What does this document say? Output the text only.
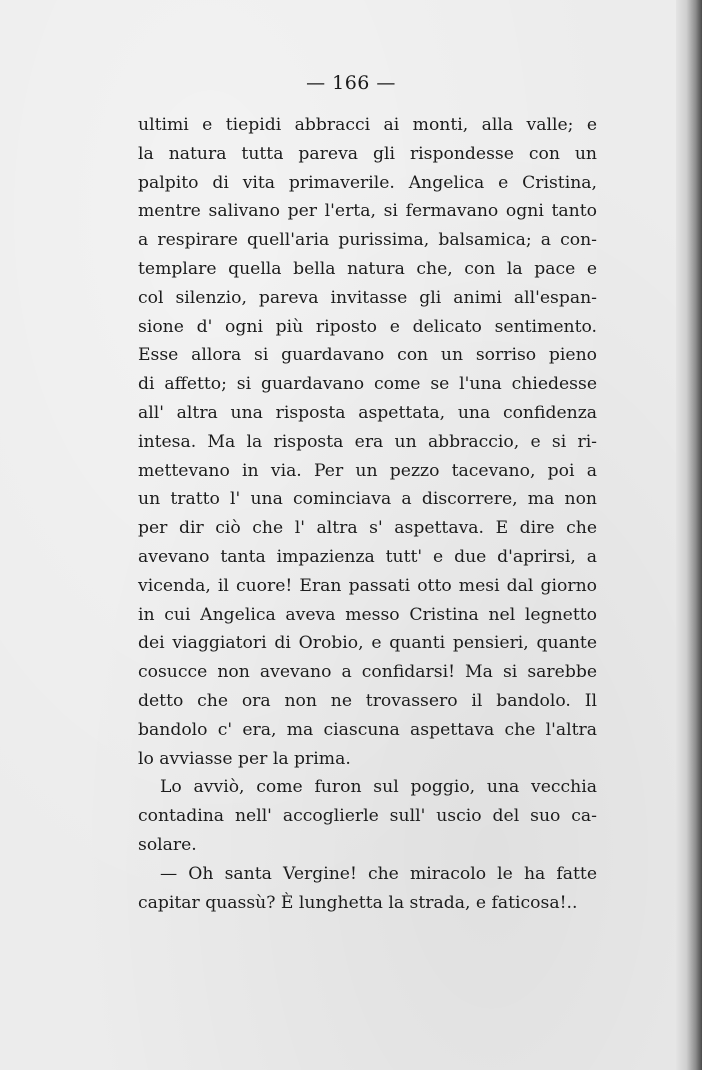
— 166 —
ultimi e tiepidi abbracci ai monti, alla valle; e
la natura tutta pareva gli rispondesse con un
palpito di vita primaverile. Angelica e Cristina,
mentre salivano per l'erta, si fermavano ogni tanto
a respirare quell'aria purissima, balsamica; a con-
templare quella bella natura che, con la pace e
col silenzio, pareva invitasse gli animi all'espan-
sione d' ogni più riposto e delicato sentimento.
Esse allora si guardavano con un sorriso pieno
di affetto; si guardavano come se l'una chiedesse
all' altra una risposta aspettata, una confidenza
intesa. Ma la risposta era un abbraccio, e si ri-
mettevano in via. Per un pezzo tacevano, poi a
un tratto l' una cominciava a discorrere, ma non
per dir ciò che l' altra s' aspettava. E dire che
avevano tanta impazienza tutt' e due d'aprirsi, a
vicenda, il cuore! Eran passati otto mesi dal giorno
in cui Angelica aveva messo Cristina nel legnetto
dei viaggiatori di Orobio, e quanti pensieri, quante
cosucce non avevano a confidarsi! Ma si sarebbe
detto che ora non ne trovassero il bandolo. Il
bandolo c' era, ma ciascuna aspettava che l'altra
lo avviasse per la prima.
Lo avviò, come furon sul poggio, una vecchia
contadina nell' accoglierle sull' uscio del suo ca-
solare.
— Oh santa Vergine! che miracolo le ha fatte
capitar quassù? È lunghetta la strada, e faticosa!..
